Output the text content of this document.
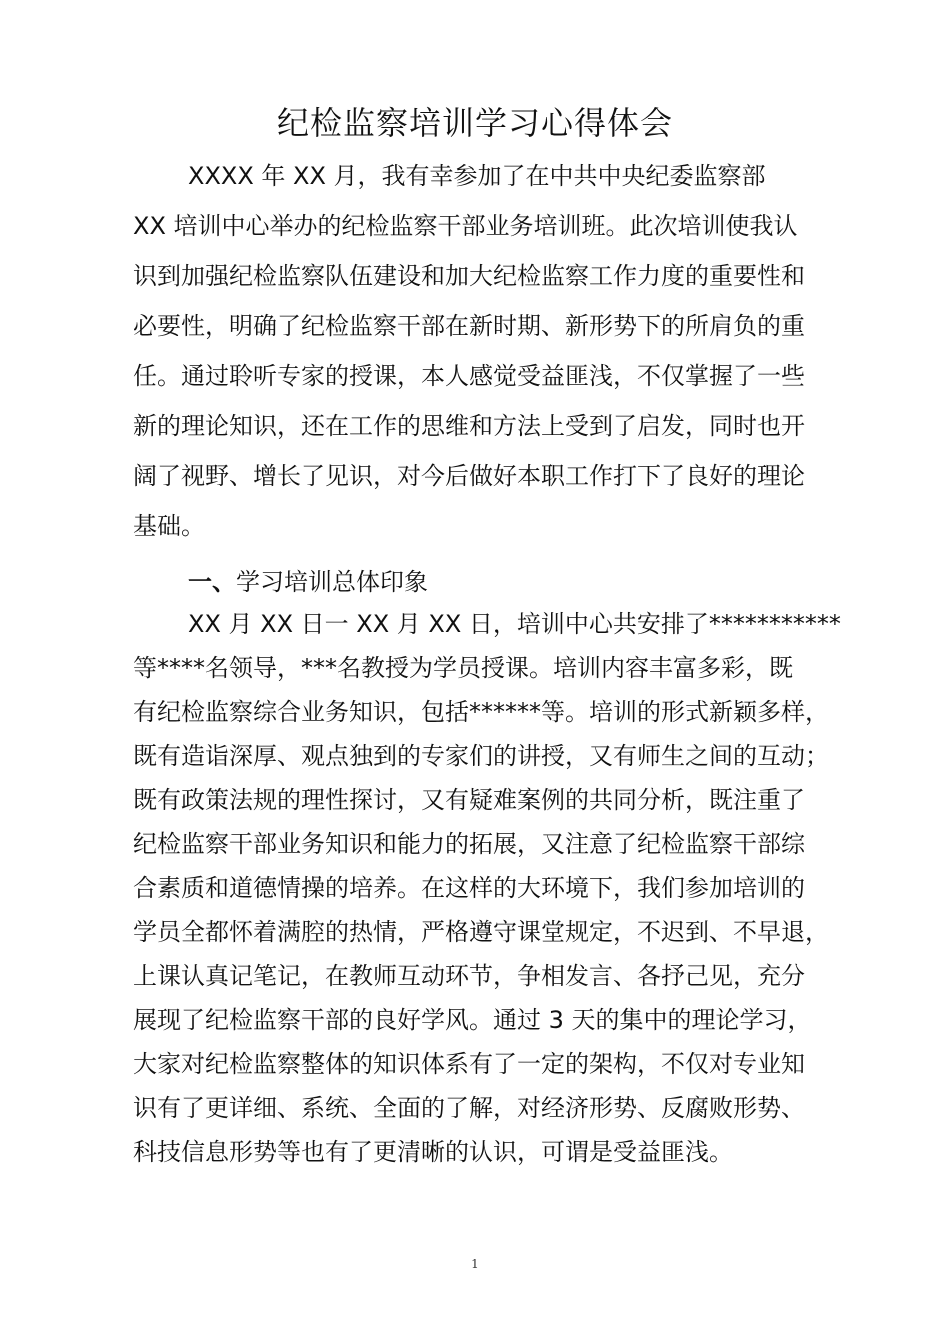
纪检监察培训学习心得体会
XXXX 年 XX 月，我有幸参加了在中共中央纪委监察部
XX 培训中心举办的纪检监察干部业务培训班。此次培训使我认
识到加强纪检监察队伍建设和加大纪检监察工作力度的重要性和
必要性，明确了纪检监察干部在新时期、新形势下的所肩负的重
任。通过聆听专家的授课，本人感觉受益匪浅，不仅掌握了一些
新的理论知识，还在工作的思维和方法上受到了启发，同时也开
阔了视野、增长了见识，对今后做好本职工作打下了良好的理论
基础。
一、学习培训总体印象
XX 月 XX 日一 XX 月 XX 日，培训中心共安排了***********
等****名领导，***名教授为学员授课。培训内容丰富多彩，既
有纪检监察综合业务知识，包括******等。培训的形式新颖多样，
既有造诣深厚、观点独到的专家们的讲授，又有师生之间的互动；
既有政策法规的理性探讨，又有疑难案例的共同分析，既注重了
纪检监察干部业务知识和能力的拓展，又注意了纪检监察干部综
合素质和道德情操的培养。在这样的大环境下，我们参加培训的
学员全都怀着满腔的热情，严格遵守课堂规定，不迟到、不早退，
上课认真记笔记，在教师互动环节，争相发言、各抒己见，充分
展现了纪检监察干部的良好学风。通过 3 天的集中的理论学习，
大家对纪检监察整体的知识体系有了一定的架构，不仅对专业知
识有了更详细、系统、全面的了解，对经济形势、反腐败形势、
科技信息形势等也有了更清晰的认识，可谓是受益匪浅。
1
